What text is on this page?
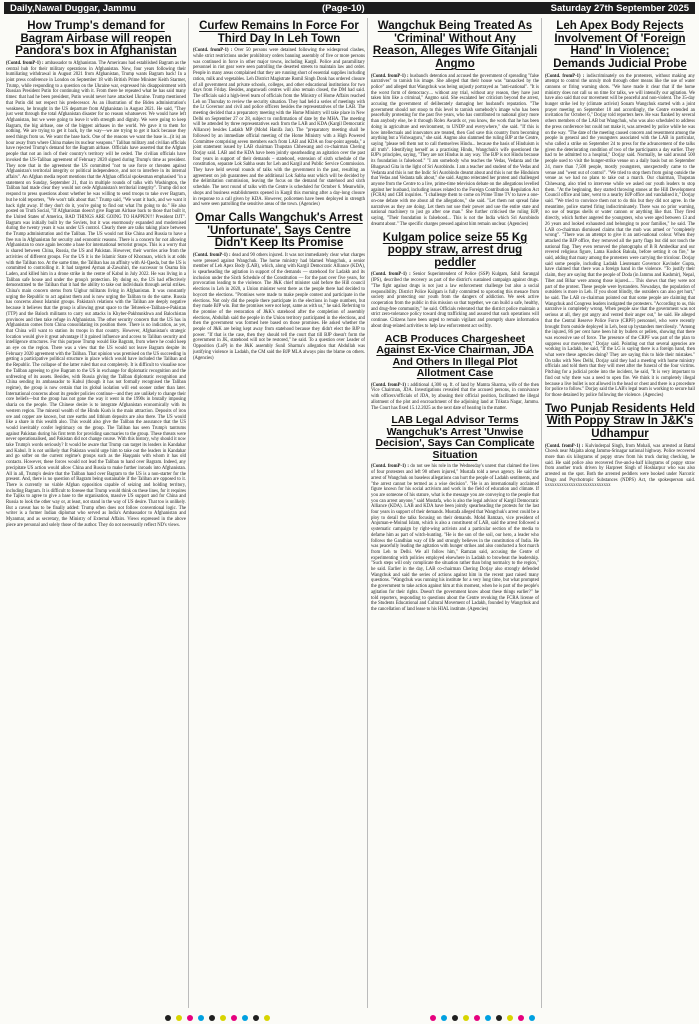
Daily,Nawal Duggar, Jammu	(Page-10)	Saturday 27th September 2025
How Trump's demand for Bagram Airbase will reopen Pandora's box in Afghanistan

(Contd. fromP-1) : ambassador to Afghanistan. The Americans had established Bagram as the central hub for their military operations in Afghanistan. Now, four years following their humiliating withdrawal in August 2021 from Afghanistan, Trump wants Bagram back! In a joint press conference in London on September 18 with British Prime Minister Keith Starmer, Trump, while responding to a question on the Ukraine war, expressed his disappointment with Russian President Putin for continuing with it. From there he repeated what he has said many times: that had he been president, Putin would never have attacked Ukraine. Trump mentioned that Putin did not respect his predecessor. As an illustration of the Biden administration's weakness, he brought in the US departure from Afghanistan in August 2021. He said, "They just went through the total Afghanistan disaster for no reason whatsoever. We would have left Afghanistan, but we were going to leave it with strength and dignity. We were going to keep Bagram, the big airbase, one of the biggest airbases in the world. We gave it to them for nothing. We are trying to get it back, by the way—we are trying to get it back because they need things from us. We want the base back. One of the reasons we want the base is...(it is) an hour away from where China makes its nuclear weapons." Taliban military and civilian officials have rejected Trump's demand for the Bagram airbase. Officials have asserted that the Afghan people that not an inch of their country's territory will be ceded. The civilian officials have invoked the US-Taliban agreement of February 2020 signed during Trump's time as president. They note that in the agreement the US committed "not to use force or threaten against Afghanistan's territorial integrity or political independence, and not to interfere in its internal affairs". An Afghan media report mentions that the Afghan official spokesman emphasised "in a statement on Sunday, September 21, that in multiple rounds of talks with Washington, the Taliban had made clear they would not cede Afghanistan's territorial integrity". Trump did not respond to press questions about whether he was willing to send troops to take over Bagram, but he told reporters, "We won't talk about that." Trump said, "We want it back, and we want it back right away. If they don't do it, you're going to find out what I'm going to do." He also posted on Truth Social, "If Afghanistan doesn't give Bagram Airbase back to those that built it, the United States of America, BAD THINGS ARE GOING TO HAPPEN!!! President DJT". Bagram was initially built by the Soviets, but it was enormously expanded and modernised during the twenty years it was under US control. Clearly there are talks taking place between the Trump administration and the Taliban. The US would not like China and Russia to have a free run in Afghanistan for security and economic reasons. There is a concern for not allowing Afghanistan to once again become a base for international terrorist groups. This is a worry that is shared between China, Russia, the US and Pakistan. However, their worries arise from the activities of different groups. For the US it is the Islamic State of Khorasan, which is at odds with the Taliban too. At the same time, the Taliban has an affinity with Al-Qaeda, but the US is committed to controlling it. It had targeted Ayman al-Zawahiri, the successor to Osama bin Laden, and killed him in a drone strike in the centre of Kabul in July 2022. He was living in a Taliban safe house and under the group's protection. By doing so, the US had effectively demonstrated to the Taliban that it had the ability to take out individuals through aerial strikes. China's main concern stems from Uighur militants living in Afghanistan. It was constantly urging the Republic to act against them and is now urging the Taliban to do the same. Russia has concerns about Islamist groups. Pakistan's relations with the Taliban are deeply negative because it believes that the group is allowing great space to the Tehreek-e-Taliban-e-Pakistan (TTP) and the Baloch militants to carry out attacks in Khyber-Pakhtunkhwa and Balochistan provinces and then take refuge in Afghanistan. The other security concern that the US has in Afghanistan comes from China consolidating its position there. There is no indication, as yet, that China will want to station its troops in that country. However, Afghanistan's strategic location would give it great advantage if it gained influence and access to Taliban security and intelligence structures. For this purpose Trump would like Bagram, from where he could keep an eye on the region. There was a view that the US would not leave Bagram despite its February 2020 agreement with the Taliban. That opinion was premised on the US succeeding in getting a participative political structure in place which would have included the Taliban and the Republic. The collapse of the latter ruled that out completely. It is difficult to visualise now the Taliban agreeing to give Bagram to the US in exchange for diplomatic recognition and the unfreezing of its assets. Besides, with Russia giving the Taliban diplomatic recognition and China sending its ambassador to Kabul (though it has not formally recognised the Taliban regime), the group is now certain that its global isolation will end sooner rather than later. International concerns about its gender policies continue—and they are unlikely to change their core beliefs—but the group has not gone the way it went in the 1990s in brutally imposing sharia on the people. The Chinese desire is to integrate Afghanistan economically with its western region. The mineral wealth of the Hindu Kush is the main attraction. Deposits of iron ore and copper are known, but rare earths and lithium deposits are also there. The US would like a share in this wealth also. This would also give the Taliban the assurance that the US would inevitably confer legitimacy on the group. The Taliban has seen Trump's tantrums against Pakistan during his first term for providing sanctuaries to the group. These threats were never operationalised, and Pakistan did not change course. With this history, why should it now take Trump's words seriously? It would be aware that Trump can target its leaders in Kandahar and Kabul. It is not unlikely that Pakistan would urge him to take out the leaders in Kandahar and go softer on the current regime's groups such as the Haqqanis with whom it has old contacts. However, these forces would not lead the Taliban to hand over Bagram. Indeed, any precipitate US action would allow China and Russia to make further inroads into Afghanistan. All in all, Trump's desire that the Taliban hand over Bagram to the US is a non-starter for the present. And, there is no question of Bagram being sustainable if the Taliban are opposed to it. There is currently no viable Afghan opposition capable of seizing and holding territory, including Bagram. It is difficult to foresee that Trump would think on these lines, for it requires the Tajiks to agree to give a base to the organisation, massive US support and for China and Russia to look the other way or, at least, not stand in the way of US desire. That too is unlikely. But a caveat has to be finally added: Trump often does not follow conventional logic. The writer is a former Indian diplomat who served as India's Ambassador to Afghanistan and Myanmar, and as secretary, the Ministry of External Affairs. Views expressed in the above piece are personal and solely those of the author. They do not necessarily reflect ND's views.

Curfew Remains In Force For Third Day In Leh Town

(Contd. fromP-1) : Over 50 persons were detained following the widespread clashes, while strict restrictions under prohibitory orders banning assembly of five or more persons was continued in force in other major towns, including Kargil. Police and paramilitary personnel in riot gear were seen patrolling the deserted streets to maintain law and order. People in many areas complained that they are running short of essential supplies including ration, milk and vegetables. Leh District Magistrate Romil Singh Donk has ordered closure of all government and private schools, colleges, and other educational institutions for two days from Friday. Besides, anganwadi centres will also remain closed, the DM had said. The officials said a high-level team of officials from the Ministry of Home Affairs reached Leh on Thursday to review the security situation. They had held a series of meetings with the Lt Governor and civil and police officers besides the representatives of the LAB. The meeting decided that a preparatory meeting with the Home Ministry will take place in New Delhi on September 27 or 28, subject to confirmation of date by the MHA. The meeting will be attended by three representatives each from the LAB and KDA (Kargil Democratic Alliance) besides Ladakh MP (Mohd Hanifa Jan). The "preparatory meeting shall be followed by an immediate official meeting of the Home Ministry with a High Powered Committee comprising seven members each from LAB and KDA on four-point agenda," a joint statement issued by LAB chairman Thupstan Chhewang and co-chairman Chering Dorjay said. LAB and the KDA have been jointly spearheading an agitation over the past four years in support of their demands – statehood, extension of sixth schedule of the constitution, separate Lok Sabha seats for Leh and Kargil and Public Service Commission. They have held several rounds of talks with the government in the past, resulting an agreement on job guarantees and the additional Lok Sabha seat which will be decided by the delimitation commission, leaving the focus on the demand for statehood and sixth schedule. The next round of talks with the Centre is scheduled for October 6. Meanwhile, shops and business establishments opened in Kargil this morning after a day-long closure in response to a call given by KDA. However, policemen have been deployed in strength and were seen patrolling the sensitive areas of the town. (Agencies)

Omar Calls Wangchuk's Arrest 'Unfortunate', Says Centre Didn't Keep Its Promise

(Contd. fromP-1) : dead and 90 others injured. It was not immediately clear what charges were pressed against Wangchuk. The home ministry had blamed Wangchuk, a senior member of Leh Apex Body (LAB), which, along with Kargil Democratic Alliance (KDA), is spearheading the agitation in support of the demands — statehood for Ladakh and its inclusion under the Sixth Schedule of the Constitution — for the past over five years, for provocation leading to the violence. The J&K chief minister said before the Hill council elections in Leh in 2020, a Union minister went there as the people there had decided to boycott the elections. "Promises were made to make people contest and participate in the elections. Not only did the people there participate in the elections in huge numbers, but they made BJP win. But the promises were not kept, same as with us," he said. Referring to the promise of the restoration of J&K's statehood after the completion of assembly elections, Abdullah said the people in the Union territory participated in the elections, and then the government was formed here based on those promises. He asked whether the people of J&K are being kept away from statehood because they didn't elect the BJP to power. "If that is the case, then they should tell the court that till BJP doesn't form the government in JK, statehood will not be restored," he said. To a question over Leader of Opposition (LoP) in the J&K assembly Sunil Sharma's allegation that Abdullah was justifying violence in Ladakh, the CM said the BJP MLA always pins the blame on others. (Agencies)

Wangchuk Being Treated As 'Criminal' Without Any Reason, Alleges Wife Gitanjali Angmo

(Contd. fromP-1) : husband's detention and accused the government of spreading "false narratives" to tarnish his image. She alleged that their house was "ransacked by the police" and alleged that Wangchuk was being unjustly portrayed as "anti-national". "It is the worst form of democracy.... without any trial, without any reason, they have just taken him like a criminal," Angmo said. She escalated her criticism beyond the arrest, accusing the government of deliberately damaging her husband's reputation. "The government should not stoop to this level to tarnish somebody's image who has been peacefully protesting for the past five years, who has contributed to national glory more than anybody else, be it through Rolex Awards or, you know, the work that he has been doing in agriculture and environment, to UNDP and everywhere," she said. "If this is how intellectuals and innovators are treated, then God save this country from becoming anything but a Vishwaguru," she said. Angmo also slammed the ruling BJP at the Centre, saying "please tell them not to call themselves Hindu... because the basis of Hinduism is all truth". Identifying herself as a practising Hindu, Wangchuk's wife questioned the BJP's principles, saying, "They are not Hindus in any way. The BJP is not Hindu because its foundation is falsehood." "I am somebody who teaches the Vedas, Vedanta and the Bhagavad Gita in the light of Sri Aurobindo. I am a teacher and student of the Vedas and Vedanta and this is not the Indic Sri Aurobindo dreamt about and this is not the Hinduism that Vedas and Vedanta talk about," she said. Angmo reiterated her protest and challenged anyone from the Centre to a live, prime-time television debate on the allegations levelled against her husband, including issues related to the Foreign Contribution Regulation Act (FCRA) and CBI inquiries. "I challenge them to come on Prime Time TV to have a one-on-one debate with me about all the allegations," she said. "Let them not spread false narratives as they are doing. Let them not use their power and use the entire state and national machinery to just go after one man." She further criticised the ruling BJP, saying, "Their foundation is falsehood... This is not the India which Sri Aurobindo dreamt about." The specific charges pressed against him remain unclear. (Agencies)

Kulgam police seize 55 Kg poppy straw, arrest drug peddler

(Contd. fromP-1) : Senior Superintendent of Police (SSP) Kulgam, Sahil Sarangal (IPS), described the recovery as part of the district's sustained campaign against drugs. "The fight against drugs is not just a law enforcement challenge but also a social responsibility. District Police Kulgam is fully committed to uprooting this menace from society and protecting our youth from the dangers of addiction. We seek active cooperation from the public in this mission so that together, we can build a safe, healthy, and drug-free community," he said. Officials reiterated that the district police maintain a strict zero-tolerance policy toward drug trafficking and assured that such operations will continue. Citizens have been urged to remain vigilant and promptly share information about drug-related activities to help law enforcement act swiftly.

ACB Produces Chargesheet Against Ex-Vice Chairman, JDA And Others In Illegal Plot Allotment Case

(Contd. fromP-1) : additional 4,300 sq. ft. of land by Mamta Sharma, wife of the then Vice Chairman, JDA. Investigations revealed that the accused persons, in connivance with officers/officials of JDA, by abusing their official position, facilitated the illegal allotment of the plot and encroachment of the adjoining land at Trikuta Nagar, Jammu. The Court has fixed 15.12.2025 as the next date of hearing in the matter.

LAB Legal Advisor Terms Wangchuk's Arrest 'Unwise Decision', Says Can Complicate Situation

(Contd. fromP-1) : do not see his role in the Wednesday's unrest that claimed the lives of four protesters and left 90 others injured," Mustafa told a news agency. He said the arrest of Wangchuk on baseless allegations can hurt the people of Ladakh sentiments, and "the arrest cannot be termed as a wise decision". "He is an internationally acclaimed figure known for his social activism and work in the field of education and climate. If you are someone of his stature, what is the message you are conveying to the people that you can arrest anyone," said Mustafa, who is also the legal advisor of Kargil Democratic Alliance (KDA). LAB and KDA have been jointly spearheading the protests for the last four years in support of their demands. Mustafa alleged that Wangchuk's arrest could be a ploy to derail the talks focusing on their demands. Mohd Ramzan, vice president of Anjuman-e-Moinul Islam, which is also a constituent of LAB, said the arrest followed a systematic campaign by right-wing activists and a particular section of the media to defame him as part of witch-hunting. "He is the son of the soil, our hero, a leader who follows the Gandhian way of life and strongly believes in the constitution of India. He was peacefully leading the agitation with hunger strikes and also conducted a foot march from Leh to Delhi. We all follow him," Ramzan said, accusing the Centre of experimenting with policies employed elsewhere in Ladakh to browbeat the leadership. "Such steps will only complicate the situation rather than bring normalcy to the region," he said. Earlier in the day, LAB co-chairman Chering Dorjay also strongly defended Wangchuk and said the series of actions against him in the recent past raised many questions. "Wangchuk was running his institute for a very long time, but what prompted the government to take action against him at this moment, when he is part of the people's agitation for their rights. Doesn't the government know about these things earlier?" he told reporters, responding to questions about the Centre revoking the FCRA license of the Students Educational and Cultural Movement of Ladakh, founded by Wangchuk and the cancellation of land lease to his HIAL institute. (Agencies)

Leh Apex Body Rejects Involvement Of 'Foreign Hand' In Violence; Demands Judicial Probe

(Contd. fromP-1) : indiscriminately on the protesters, without making any attempt to control the unruly mob through other means like the use of water cannons or firing warning shots. "We have made it clear that if the home ministry does not call us on time for talks, we will intensify our agitation. We have also said that our movement will be peaceful and non-violent. The 35-day hunger strike led by (climate activist) Sonam Wangchuk started with a joint prayer meeting on September 10 and accordingly, the Centre extended an invitation for October 6," Dorjay told reporters here. He was flanked by several others members of the LAB but Wangchuk, who was also scheduled to address the press conference but could not make it, was arrested by police while he was on the way. "The date of the meeting caused concern and resentment among the people in general and the youngsters associated with the LAB in particular, who called a strike on September 24 to press for the advancement of the talks given the deteriorating condition of two of the participants a day earlier. They had to be admitted to a hospital," Dorjay said. Normally, he said around 500 people used to visit the hunger-strike venue on a daily basis but on September 24, more than 7,500 people, mostly youngsters, unexpectedly came to the venue and "went out of control". "We tried to stop them from going outside the venue as we had no plans to take out a march. Our chairman, Thupstan Chhewang, also tried to intervene while we asked our youth leaders to stop them. "At the beginning, they started throwing stones at the Hill Development Council office and later, went to a nearby BJP office and vandalised it," Dorjay said. "We tried to convince them not to do this but they did not agree. In the meantime, police started firing indiscriminately. There was no prior warning, no use of teargas shells or water cannon or anything like that. They fired directly, which further angered the youngsters, who were aged between 13 and 26 years and looked exhausted and belonging to poor families," he said. The LAB co-chairman dismissed claims that the mob was armed or "completely wrong". "There was an attempt to give it an anti-national colour. When they attacked the BJP office, they removed all the party flags but did not touch the national flag. They even removed the photographs of B R Ambedkar and our revered religious figure, Lama Kushok Bakula, before setting it on fire," he said, adding that many among the protesters were carrying the tricolour. Dorjay said some people, including Ladakh Lieutenant Governor Kavinder Gupta, have claimed that there was a foreign hand in the violence. "To justify their claim, they are saying that the people of Doda (in Jammu and Kashmir), Nepal, Tibet and Bihar were among those injured..... This shows that they were not part of the protest. These people were bystanders. Nowadays, the population of outsiders is more in Leh. If you shoot blindly, the outsiders can also get hurt," he said. The LAB co-chairman pointed out that some people are claiming that Wangchuk and Congress leaders instigated the protesters. "According to us, this narrative is completely wrong. When people saw that the government was not serious at all, they got angry and vented their anger out," he said. He alleged that the Central Reserve Police Force (CRPF) personnel, who were recently brought from outside deployed in Leh, beat up bystanders mercilessly. "Among the injured, 86 per cent have been hit by bullets or pellets, showing that there was excessive use of force. The presence of the CRPF was part of the plan to suppress our movement," Dorjay said. Pointing out that several agencies are working in Ladakh, he said, "If the LG is saying there is a foreign hand, then what were these agencies doing? They are saying this to hide their mistakes." On talks with New Delhi, Dorjay said they had a meeting with home ministry officials and told them that they will meet after the funeral of the four victims. Pitching for a judicial probe into the incident, he said, "It is very important to find out why there was a need to open fire. We think it is completely illegal because a live bullet is not allowed in the head or chest and there is a procedure for police to follow." Dorjay said the LAB's legal team is working to secure bail for those detained by police following the violence. (Agencies)

Two Punjab Residents Held With Poppy Straw In J&K's Udhampur

(Contd. fromP-1) : Kulvinderpal Singh, from Mohali, was arrested at Battal Chowk near Majalta along Jammu-Srinagar national highway. Police recovered more than six kilograms of poppy straw from his truck during checking, he said. He said police also recovered five-and-a-half kilograms of poppy straw from another truck driven by Harpreet Singh of Hoshiarpur who was also arrested on the spot. Both the arrested peddlers were booked under Narcotic Drugs and Psychotropic Substances (NDPS) Act, the spokesperson said. xxxxxxxxxxxxxxxxxxxxxxxxxxxx
